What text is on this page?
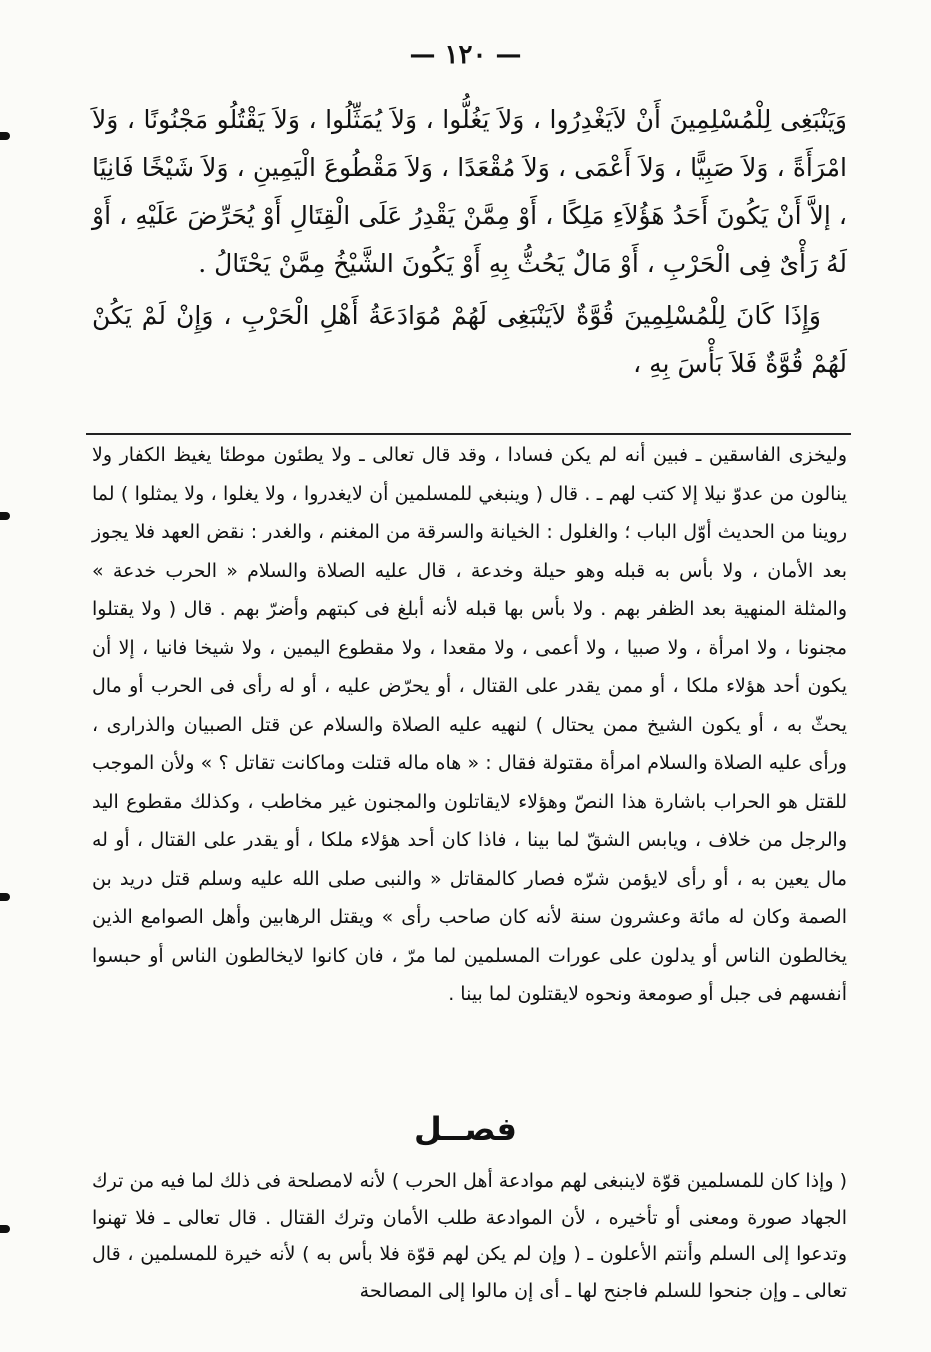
— ١٢٠ —

وَيَنْبَغِى لِلْمُسْلِمِينَ أَنْ لاَيَغْدِرُوا ، وَلاَ يَغُلُّوا ، وَلاَ يُمَثِّلُوا ، وَلاَ يَقْتُلُو مَجْنُونًا ، وَلاَ امْرَأَةً ، وَلاَ صَبِيًّا ، وَلاَ أَعْمَى ، وَلاَ مُقْعَدًا ، وَلاَ مَقْطُوعَ الْيَمِينِ ، وَلاَ شَيْخًا فَانِيًا ، إلاَّ أَنْ يَكُونَ أَحَدُ هَؤُلاَءِ مَلِكًا ، أَوْ مِمَّنْ يَقْدِرُ عَلَى الْقِتَالِ أَوْ يُحَرِّضَ عَلَيْهِ ، أَوْ لَهُ رَأْىٌ فِى الْحَرْبِ ، أَوْ مَالٌ يَحُثُّ بِهِ أَوْ يَكُونَ الشَّيْخُ مِمَّنْ يَحْتَالُ .

وَإِذَا كَانَ لِلْمُسْلِمِينَ قُوَّةٌ لاَيَنْبَغِى لَهُمْ مُوَادَعَةُ أَهْلِ الْحَرْبِ ، وَإِنْ لَمْ يَكُنْ لَهُمْ قُوَّةٌ فَلاَ بَأْسَ بِهِ ،

وليخزى الفاسقين ـ فبين أنه لم يكن فسادا ، وقد قال تعالى ـ ولا يطئون موطئا يغيظ الكفار ولا ينالون من عدوّ نيلا إلا كتب لهم ـ . قال ( وينبغي للمسلمين أن لايغدروا ، ولا يغلوا ، ولا يمثلوا ) لما روينا من الحديث أوّل الباب ؛ والغلول : الخيانة والسرقة من المغنم ، والغدر : نقض العهد فلا يجوز بعد الأمان ، ولا بأس به قبله وهو حيلة وخدعة ، قال عليه الصلاة والسلام « الحرب خدعة » والمثلة المنهية بعد الظفر بهم . ولا بأس بها قبله لأنه أبلغ فى كبتهم وأضرّ بهم . قال ( ولا يقتلوا مجنونا ، ولا امرأة ، ولا صبيا ، ولا أعمى ، ولا مقعدا ، ولا مقطوع اليمين ، ولا شيخا فانيا ، إلا أن يكون أحد هؤلاء ملكا ، أو ممن يقدر على القتال ، أو يحرّض عليه ، أو له رأى فى الحرب أو مال يحثّ به ، أو يكون الشيخ ممن يحتال ) لنهيه عليه الصلاة والسلام عن قتل الصبيان والذرارى ، ورأى عليه الصلاة والسلام امرأة مقتولة فقال : « هاه ماله قتلت وماكانت تقاتل ؟ » ولأن الموجب للقتل هو الحراب باشارة هذا النصّ وهؤلاء لايقاتلون والمجنون غير مخاطب ، وكذلك مقطوع اليد والرجل من خلاف ، ويابس الشقّ لما بينا ، فاذا كان أحد هؤلاء ملكا ، أو يقدر على القتال ، أو له مال يعين به ، أو رأى لايؤمن شرّه فصار كالمقاتل « والنبى صلى الله عليه وسلم قتل دريد بن الصمة وكان له مائة وعشرون سنة لأنه كان صاحب رأى » ويقتل الرهابين وأهل الصوامع الذين يخالطون الناس أو يدلون على عورات المسلمين لما مرّ ، فان كانوا لايخالطون الناس أو حبسوا أنفسهم فى جبل أو صومعة ونحوه لايقتلون لما بينا .

فصــل

( وإذا كان للمسلمين قوّة لاينبغى لهم موادعة أهل الحرب ) لأنه لامصلحة فى ذلك لما فيه من ترك الجهاد صورة ومعنى أو تأخيره ، لأن الموادعة طلب الأمان وترك القتال . قال تعالى ـ فلا تهنوا وتدعوا إلى السلم وأنتم الأعلون ـ ( وإن لم يكن لهم قوّة فلا بأس به ) لأنه خيرة للمسلمين ، قال تعالى ـ وإن جنحوا للسلم فاجنح لها ـ أى إن مالوا إلى المصالحة
